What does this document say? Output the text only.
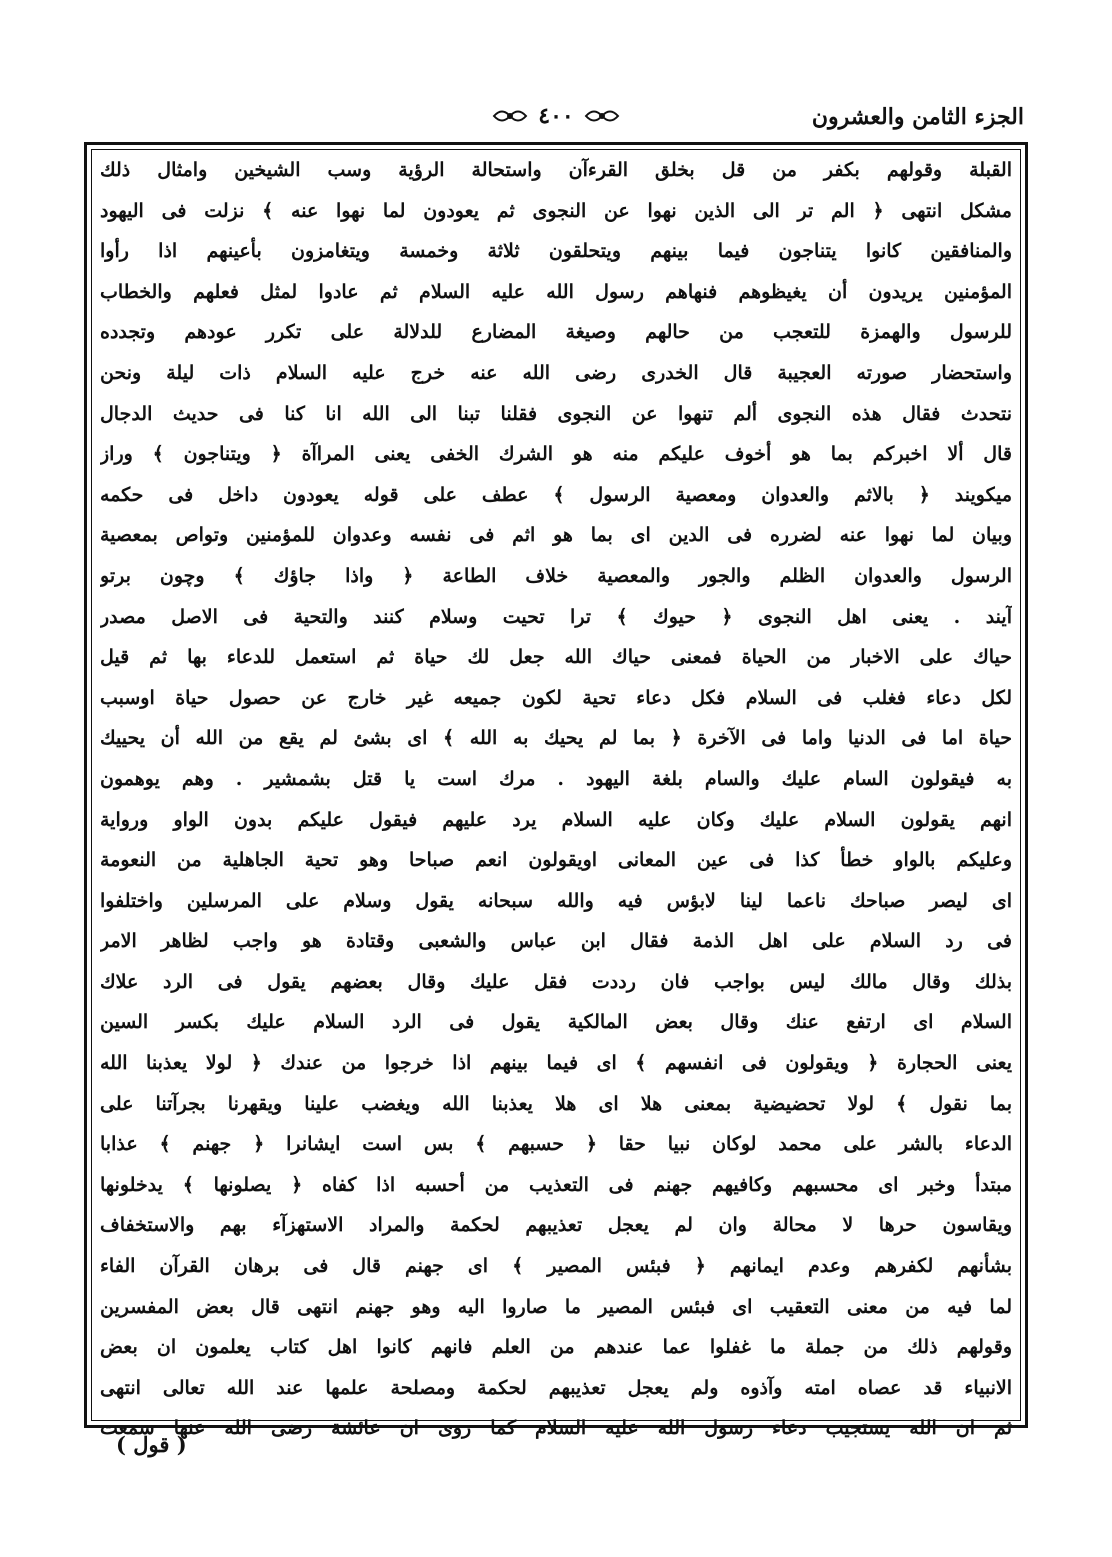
الجزء الثامن والعشرون
٤٠٠
القبلة وقولهم بكفر من قل بخلق القرءآن واستحالة الرؤية وسب الشيخين وامثال ذلك
مشكل انتهى ﴿ الم تر الى الذين نهوا عن النجوى ثم يعودون لما نهوا عنه ﴾ نزلت فى اليهود
والمنافقين كانوا يتناجون فيما بينهم ويتحلقون ثلاثة وخمسة ويتغامزون بأعينهم اذا رأوا
المؤمنين يريدون أن يغيظوهم فنهاهم رسول الله عليه السلام ثم عادوا لمثل فعلهم والخطاب
للرسول والهمزة للتعجب من حالهم وصيغة المضارع للدلالة على تكرر عودهم وتجدده
واستحضار صورته العجيبة قال الخدرى رضى الله عنه خرج عليه السلام ذات ليلة ونحن
نتحدث فقال هذه النجوى ألم تنهوا عن النجوى فقلنا تبنا الى الله انا كنا فى حديث الدجال
قال ألا اخبركم بما هو أخوف عليكم منه هو الشرك الخفى يعنى المراآة ﴿ ويتناجون ﴾ وراز
ميكويند ﴿ بالاثم والعدوان ومعصية الرسول ﴾ عطف على قوله يعودون داخل فى حكمه
وبيان لما نهوا عنه لضرره فى الدين اى بما هو اثم فى نفسه وعدوان للمؤمنين وتواص بمعصية
الرسول والعدوان الظلم والجور والمعصية خلاف الطاعة ﴿ واذا جاؤك ﴾ وچون برتو
آيند . يعنى اهل النجوى ﴿ حيوك ﴾ ترا تحيت وسلام كنند والتحية فى الاصل مصدر
حياك على الاخبار من الحياة فمعنى حياك الله جعل لك حياة ثم استعمل للدعاء بها ثم قيل
لكل دعاء فغلب فى السلام فكل دعاء تحية لكون جميعه غير خارج عن حصول حياة اوسبب
حياة اما فى الدنيا واما فى الآخرة ﴿ بما لم يحيك به الله ﴾ اى بشئ لم يقع من الله أن يحييك
به فيقولون السام عليك والسام بلغة اليهود . مرك است يا قتل بشمشير . وهم يوهمون
انهم يقولون السلام عليك وكان عليه السلام يرد عليهم فيقول عليكم بدون الواو ورواية
وعليكم بالواو خطأ كذا فى عين المعانى اويقولون انعم صباحا وهو تحية الجاهلية من النعومة
اى ليصر صباحك ناعما لينا لابؤس فيه والله سبحانه يقول وسلام على المرسلين واختلفوا
فى رد السلام على اهل الذمة فقال ابن عباس والشعبى وقتادة هو واجب لظاهر الامر
بذلك وقال مالك ليس بواجب فان رددت فقل عليك وقال بعضهم يقول فى الرد علاك
السلام اى ارتفع عنك وقال بعض المالكية يقول فى الرد السلام عليك بكسر السين
يعنى الحجارة ﴿ ويقولون فى انفسهم ﴾ اى فيما بينهم اذا خرجوا من عندك ﴿ لولا يعذبنا الله
بما نقول ﴾ لولا تحضيضية بمعنى هلا اى هلا يعذبنا الله ويغضب علينا ويقهرنا بجرآتنا على
الدعاء بالشر على محمد لوكان نبيا حقا ﴿ حسبهم ﴾ بس است ايشانرا ﴿ جهنم ﴾ عذابا
مبتدأ وخبر اى محسبهم وكافيهم جهنم فى التعذيب من أحسبه اذا كفاه ﴿ يصلونها ﴾ يدخلونها
ويقاسون حرها لا محالة وان لم يعجل تعذيبهم لحكمة والمراد الاستهزآء بهم والاستخفاف
بشأنهم لكفرهم وعدم ايمانهم ﴿ فبئس المصير ﴾ اى جهنم قال فى برهان القرآن الفاء
لما فيه من معنى التعقيب اى فبئس المصير ما صاروا اليه وهو جهنم انتهى قال بعض المفسرين
وقولهم ذلك من جملة ما غفلوا عما عندهم من العلم فانهم كانوا اهل كتاب يعلمون ان بعض
الانبياء قد عصاه امته وآذوه ولم يعجل تعذيبهم لحكمة ومصلحة علمها عند الله تعالى انتهى
ثم ان الله يستجيب دعاء رسول الله عليه السلام كما روى ان عائشة رضى الله عنها سمعت
( قول )
